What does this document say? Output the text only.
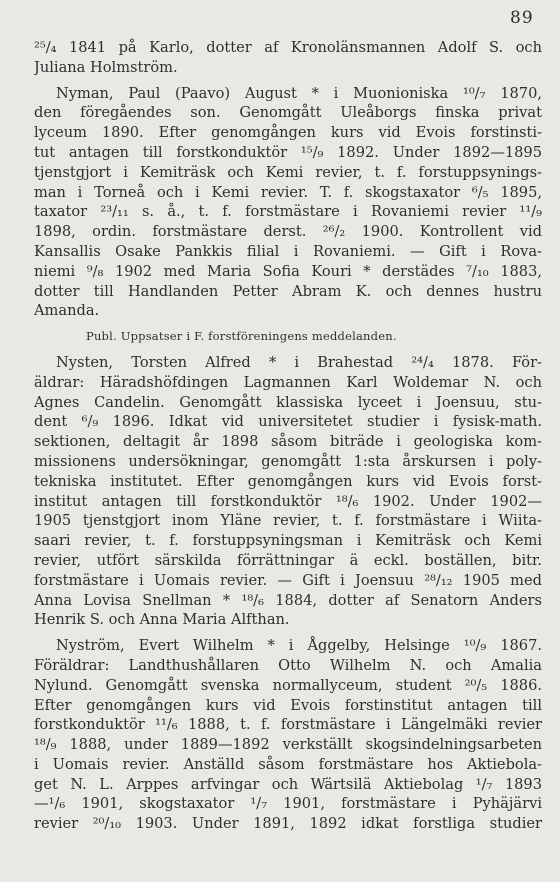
89
²⁵/₄ 1841 på Karlo, dotter af Kronolänsmannen Adolf S. och
Juliana Holmström.
Nyman, Paul (Paavo) August * i Muonioniska ¹⁰/₇ 1870,
den föregåendes son. Genomgått Uleåborgs finska privat
lyceum 1890. Efter genomgången kurs vid Evois forstinsti-
tut antagen till forstkonduktör ¹⁵/₉ 1892. Under 1892—1895
tjenstgjort i Kemiträsk och Kemi revier, t. f. forstuppsynings-
man i Torneå och i Kemi revier. T. f. skogstaxator ⁶/₅ 1895,
taxator ²³/₁₁ s. å., t. f. forstmästare i Rovaniemi revier ¹¹/₉
1898, ordin. forstmästare derst. ²⁶/₂ 1900. Kontrollent vid
Kansallis Osake Pankkis filial i Rovaniemi. — Gift i Rova-
niemi ⁹/₈ 1902 med Maria Sofia Kouri * derstädes ⁷/₁₀ 1883,
dotter till Handlanden Petter Abram K. och dennes hustru
Amanda.
Publ. Uppsatser i F. forstföreningens meddelanden.
Nysten, Torsten Alfred * i Brahestad ²⁴/₄ 1878. För-
äldrar: Häradshöfdingen Lagmannen Karl Woldemar N. och
Agnes Candelin. Genomgått klassiska lyceet i Joensuu, stu-
dent ⁶/₉ 1896. Idkat vid universitetet studier i fysisk-math.
sektionen, deltagit år 1898 såsom biträde i geologiska kom-
missionens undersökningar, genomgått 1:sta årskursen i poly-
tekniska institutet. Efter genomgången kurs vid Evois forst-
institut antagen till forstkonduktör ¹⁸/₆ 1902. Under 1902—
1905 tjenstgjort inom Yläne revier, t. f. forstmästare i Wiita-
saari revier, t. f. forstuppsyningsman i Kemiträsk och Kemi
revier, utfört särskilda förrättningar ä eckl. boställen, bitr.
forstmästare i Uomais revier. — Gift i Joensuu ²⁸/₁₂ 1905 med
Anna Lovisa Snellman * ¹⁸/₆ 1884, dotter af Senatorn Anders
Henrik S. och Anna Maria Alfthan.
Nyström, Evert Wilhelm * i Åggelby, Helsinge ¹⁰/₉ 1867.
Föräldrar: Landthushållaren Otto Wilhelm N. och Amalia
Nylund. Genomgått svenska normallyceum, student ²⁰/₅ 1886.
Efter genomgången kurs vid Evois forstinstitut antagen till
forstkonduktör ¹¹/₆ 1888, t. f. forstmästare i Längelmäki revier
¹⁸/₉ 1888, under 1889—1892 verkställt skogsindelningsarbeten
i Uomais revier. Anställd såsom forstmästare hos Aktiebola-
get N. L. Arppes arfvingar och Wärtsilä Aktiebolag ¹/₇ 1893
—¹/₆ 1901, skogstaxator ¹/₇ 1901, forstmästare i Pyhäjärvi
revier ²⁰/₁₀ 1903. Under 1891, 1892 idkat forstliga studier
